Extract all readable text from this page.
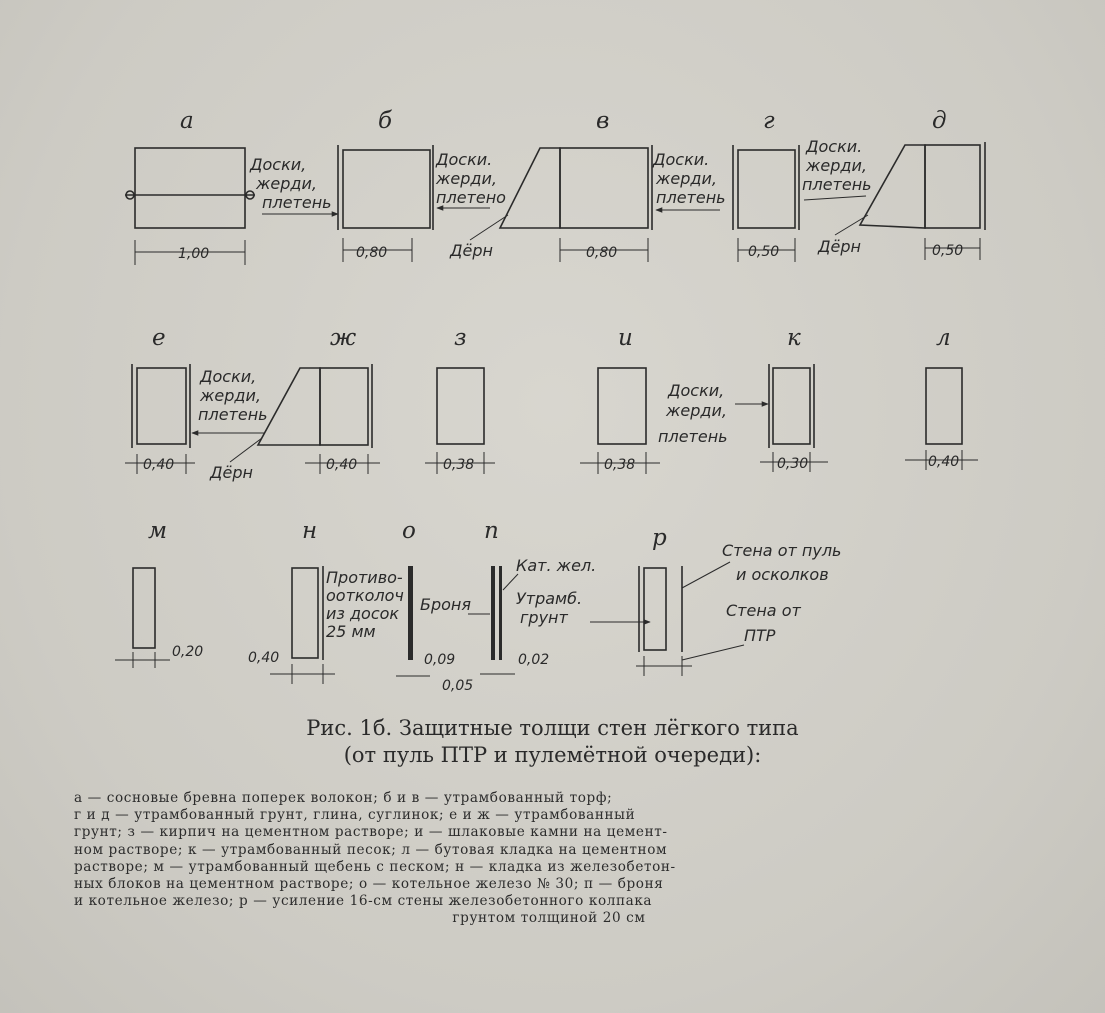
а
1,00
Доски,
жерди,
плетень
б
0,80
в
Доски.
жерди,
плетено
Дёрн	0,80
Доски.
жерди,
плетень
г
0,50
д
Доски.
жерди,
плетень
Дёрн	0,50
е
0,40
Доски,
жерди,
плетень
ж
Дёрн	0,40
з
0,38
и
0,38
Доски,
жерди,
плетень
к
0,30
л
0,40
м
0,20
н
Противо-
оотколоч
из досок
25 мм
0,40
о
0,09
п
Броня
Кат. жел.
0,02
0,05
р
Утрамб.
грунт
Стена от пуль
и осколков
Стена от
ПТР
Рис. 1б. Защитные толщи стен лёгкого типа
(от пуль ПТР и пулемётной очереди):
а — сосновые бревна поперек волокон; б и в — утрамбованный торф;
г и д — утрамбованный грунт, глина, суглинок; е и ж — утрамбованный
грунт; з — кирпич на цементном растворе; и — шлаковые камни на цемент-
ном растворе; к — утрамбованный песок; л — бутовая кладка на цементном
растворе; м — утрамбованный щебень с песком; н — кладка из железобетон-
ных блоков на цементном растворе; о — котельное железо № 30; п — броня
и котельное железо; р — усиление 16-см стены железобетонного колпака
грунтом толщиной 20 см
